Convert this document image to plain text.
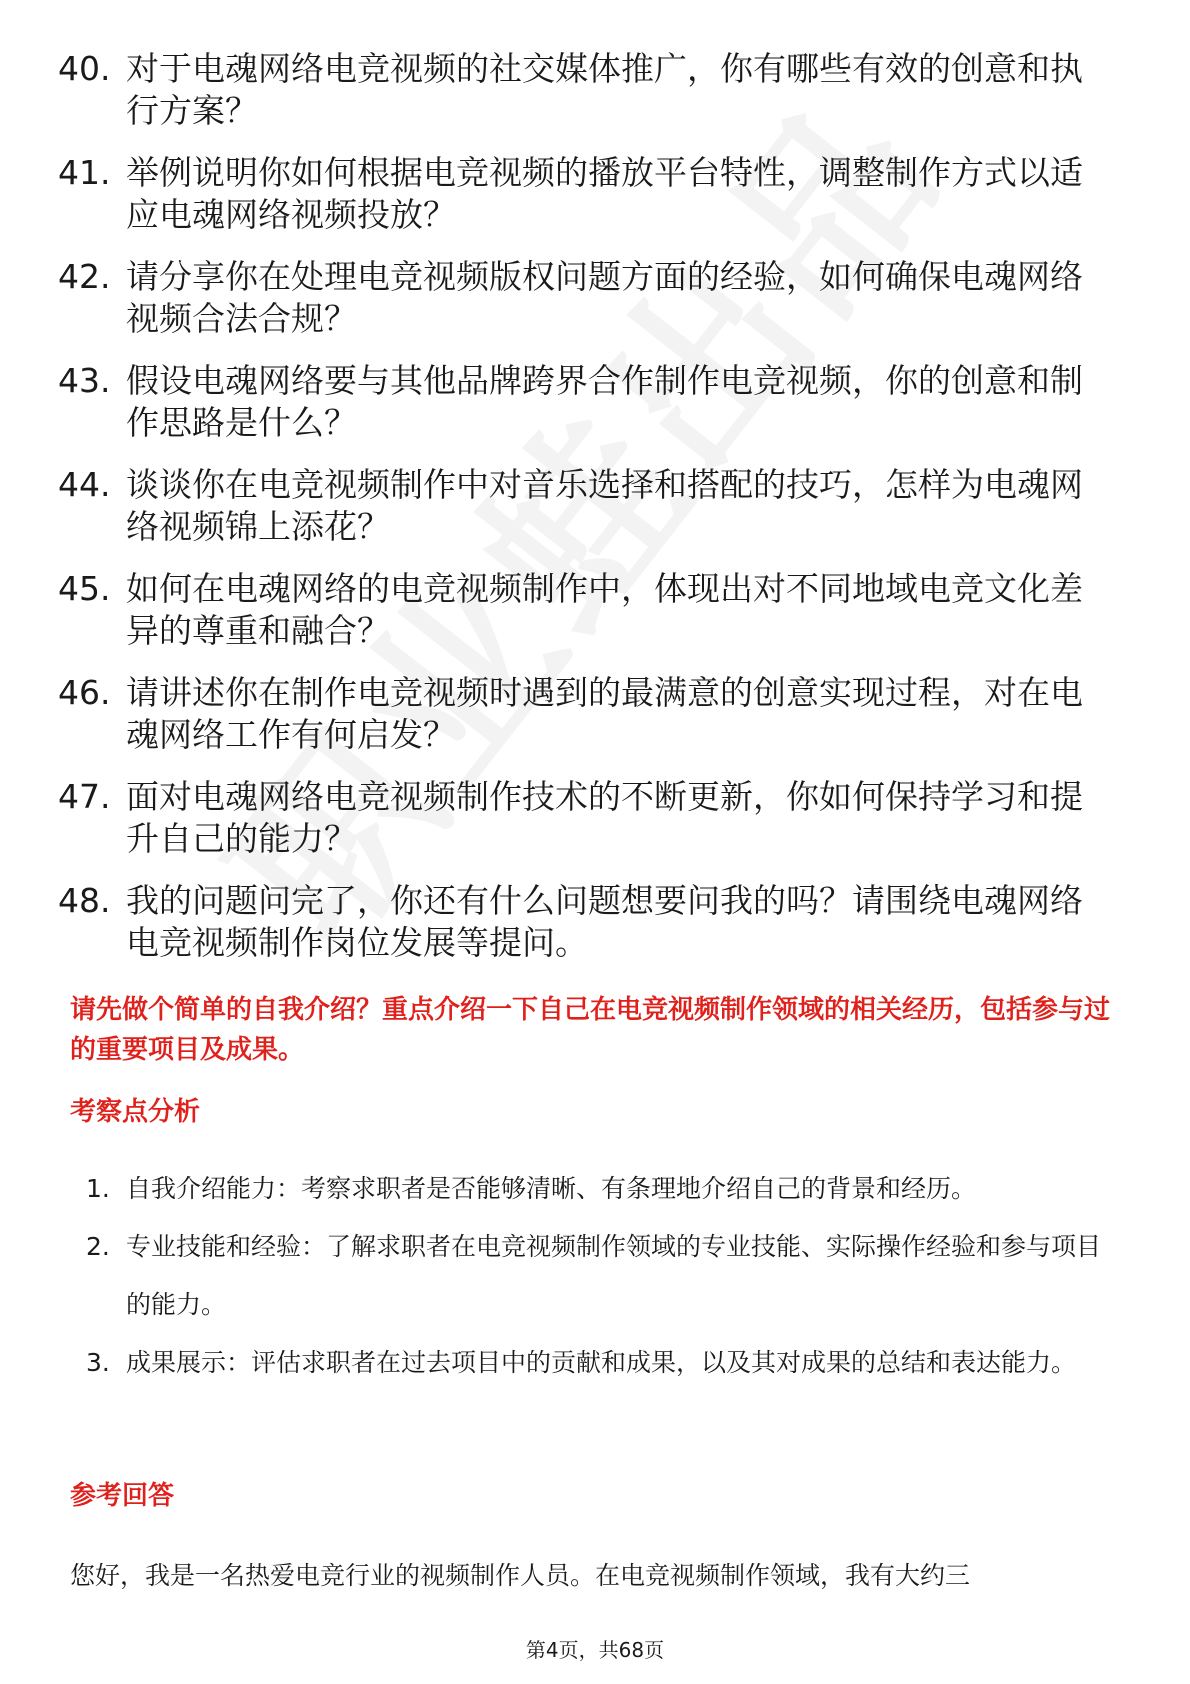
40. 对于电魂网络电竞视频的社交媒体推广，你有哪些有效的创意和执行方案？
41. 举例说明你如何根据电竞视频的播放平台特性，调整制作方式以适应电魂网络视频投放？
42. 请分享你在处理电竞视频版权问题方面的经验，如何确保电魂网络视频合法合规？
43. 假设电魂网络要与其他品牌跨界合作制作电竞视频，你的创意和制作思路是什么？
44. 谈谈你在电竞视频制作中对音乐选择和搭配的技巧，怎样为电魂网络视频锦上添花？
45. 如何在电魂网络的电竞视频制作中，体现出对不同地域电竞文化差异的尊重和融合？
46. 请讲述你在制作电竞视频时遇到的最满意的创意实现过程，对在电魂网络工作有何启发？
47. 面对电魂网络电竞视频制作技术的不断更新，你如何保持学习和提升自己的能力？
48. 我的问题问完了，你还有什么问题想要问我的吗？请围绕电魂网络电竞视频制作岗位发展等提问。
请先做个简单的自我介绍？重点介绍一下自己在电竞视频制作领域的相关经历，包括参与过的重要项目及成果。
考察点分析
1. 自我介绍能力：考察求职者是否能够清晰、有条理地介绍自己的背景和经历。
2. 专业技能和经验：了解求职者在电竞视频制作领域的专业技能、实际操作经验和参与项目的能力。
3. 成果展示：评估求职者在过去项目中的贡献和成果，以及其对成果的总结和表达能力。
参考回答
您好，我是一名热爱电竞行业的视频制作人员。在电竞视频制作领域，我有大约三
第4页，共68页
